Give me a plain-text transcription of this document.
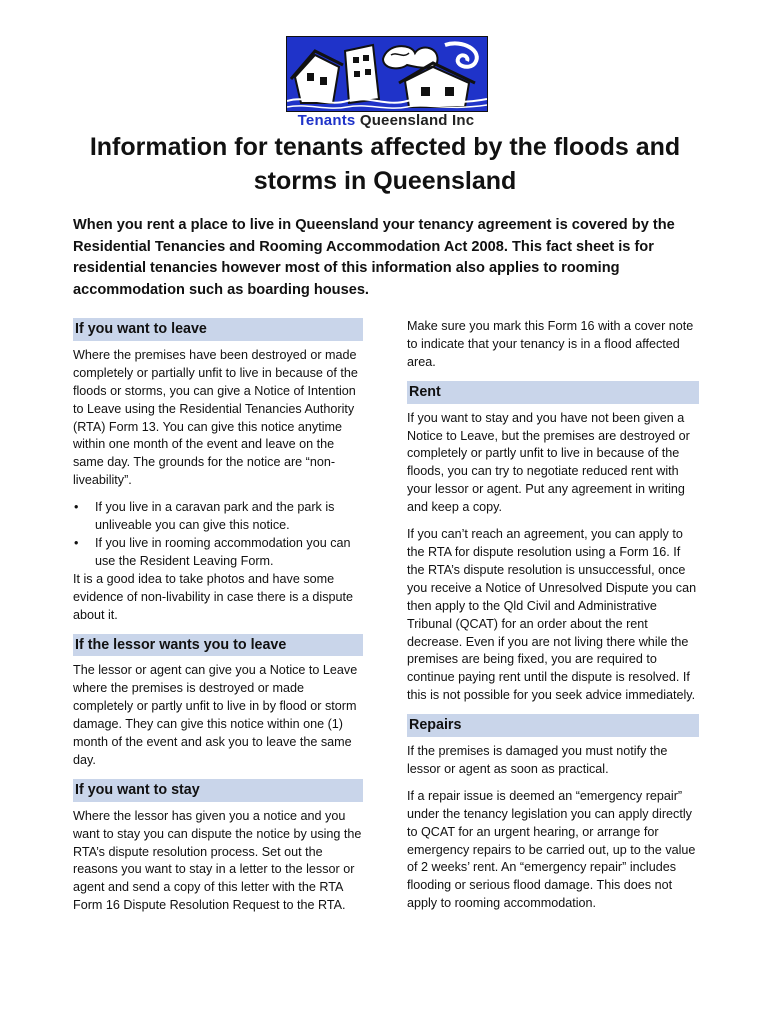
Tenants Queensland Inc
Information for tenants affected by the floods and storms in Queensland
When you rent a place to live in Queensland your tenancy agreement is covered by the Residential Tenancies and Rooming Accommodation Act 2008. This fact sheet is for residential tenancies however most of this information also applies to rooming accommodation such as boarding houses.
If you want to leave

Where the premises have been destroyed or made completely or partially unfit to live in because of the floods or storms, you can give a Notice of Intention to Leave using the Residential Tenancies Authority (RTA) Form 13. You can give this notice anytime within one month of the event and leave on the same day. The grounds for the notice are “non-liveability”.

• If you live in a caravan park and the park is unliveable you can give this notice.
• If you live in rooming accommodation you can use the Resident Leaving Form.

It is a good idea to take photos and have some evidence of non-livability in case there is a dispute about it.

If the lessor wants you to leave

The lessor or agent can give you a Notice to Leave where the premises is destroyed or made completely or partly unfit to live in by flood or storm damage. They can give this notice within one (1) month of the event and ask you to leave the same day.

If you want to stay

Where the lessor has given you a notice and you want to stay you can dispute the notice by using the RTA’s dispute resolution process. Set out the reasons you want to stay in a letter to the lessor or agent and send a copy of this letter with the RTA Form 16 Dispute Resolution Request to the RTA.

Make sure you mark this Form 16 with a cover note to indicate that your tenancy is in a flood affected area.

Rent

If you want to stay and you have not been given a Notice to Leave, but the premises are destroyed or completely or partly unfit to live in because of the floods, you can try to negotiate reduced rent with your lessor or agent. Put any agreement in writing and keep a copy.

If you can’t reach an agreement, you can apply to the RTA for dispute resolution using a Form 16. If the RTA’s dispute resolution is unsuccessful, once you receive a Notice of Unresolved Dispute you can then apply to the Qld Civil and Administrative Tribunal (QCAT) for an order about the rent decrease. Even if you are not living there while the premises are being fixed, you are required to continue paying rent until the dispute is resolved. If this is not possible for you seek advice immediately.

Repairs

If the premises is damaged you must notify the lessor or agent as soon as practical.

If a repair issue is deemed an “emergency repair” under the tenancy legislation you can apply directly to QCAT for an urgent hearing, or arrange for emergency repairs to be carried out, up to the value of 2 weeks’ rent. An “emergency repair” includes flooding or serious flood damage. This does not apply to rooming accommodation.
